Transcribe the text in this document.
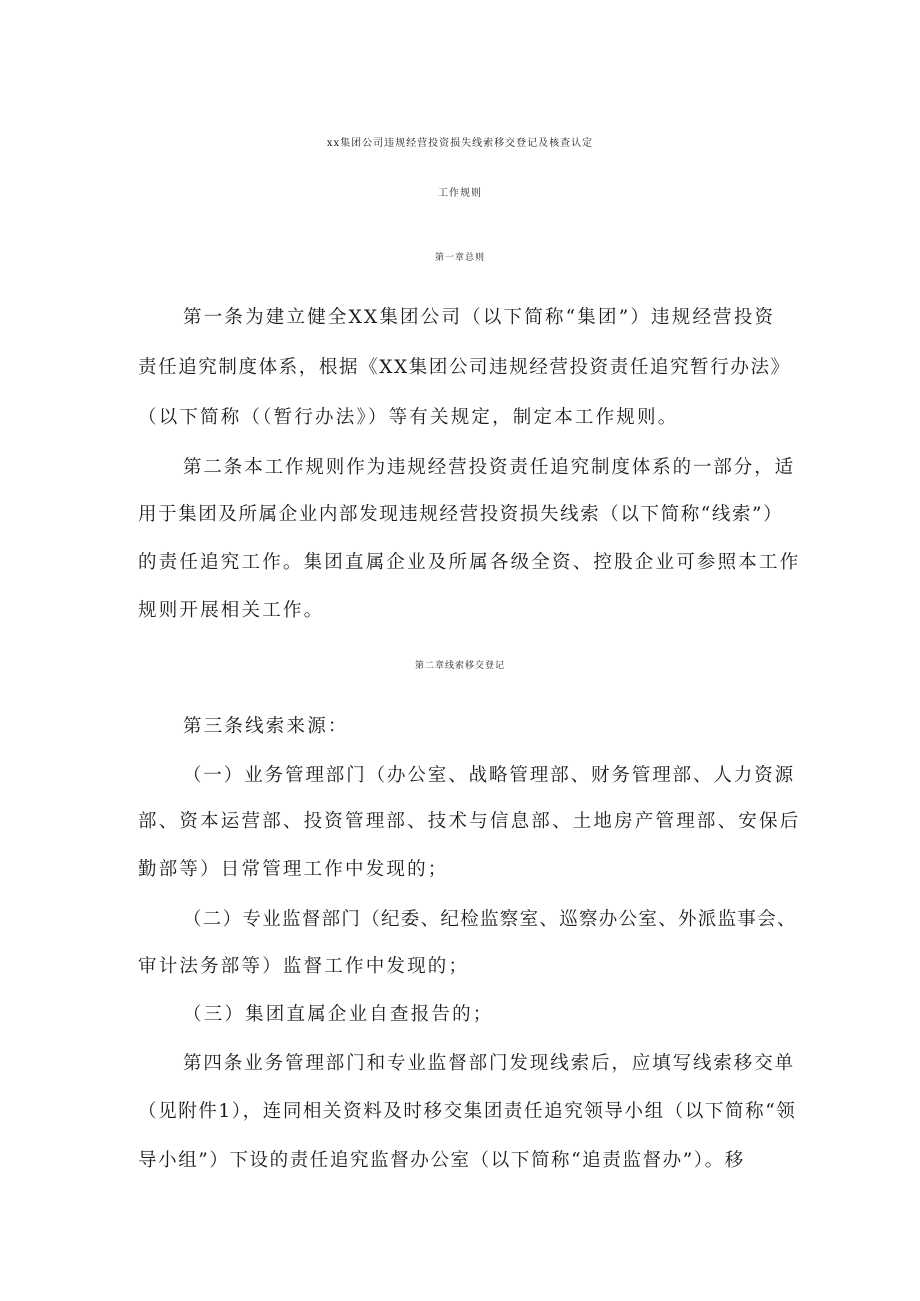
xx集团公司违规经营投资损失线索移交登记及核查认定
工作规则
第一章总则
第一条为建立健全XX集团公司（以下简称“集团”）违规经营投资
责任追究制度体系，根据《XX集团公司违规经营投资责任追究暂行办法》
（以下简称（（暂行办法》）等有关规定，制定本工作规则。
第二条本工作规则作为违规经营投资责任追究制度体系的一部分，适
用于集团及所属企业内部发现违规经营投资损失线索（以下简称“线索”）
的责任追究工作。集团直属企业及所属各级全资、控股企业可参照本工作
规则开展相关工作。
第二章线索移交登记
第三条线索来源：
（一）业务管理部门（办公室、战略管理部、财务管理部、人力资源
部、资本运营部、投资管理部、技术与信息部、土地房产管理部、安保后
勤部等）日常管理工作中发现的；
（二）专业监督部门（纪委、纪检监察室、巡察办公室、外派监事会、
审计法务部等）监督工作中发现的；
（三）集团直属企业自查报告的；
第四条业务管理部门和专业监督部门发现线索后，应填写线索移交单
（见附件1），连同相关资料及时移交集团责任追究领导小组（以下简称“领
导小组”）下设的责任追究监督办公室（以下简称“追责监督办”）。移
